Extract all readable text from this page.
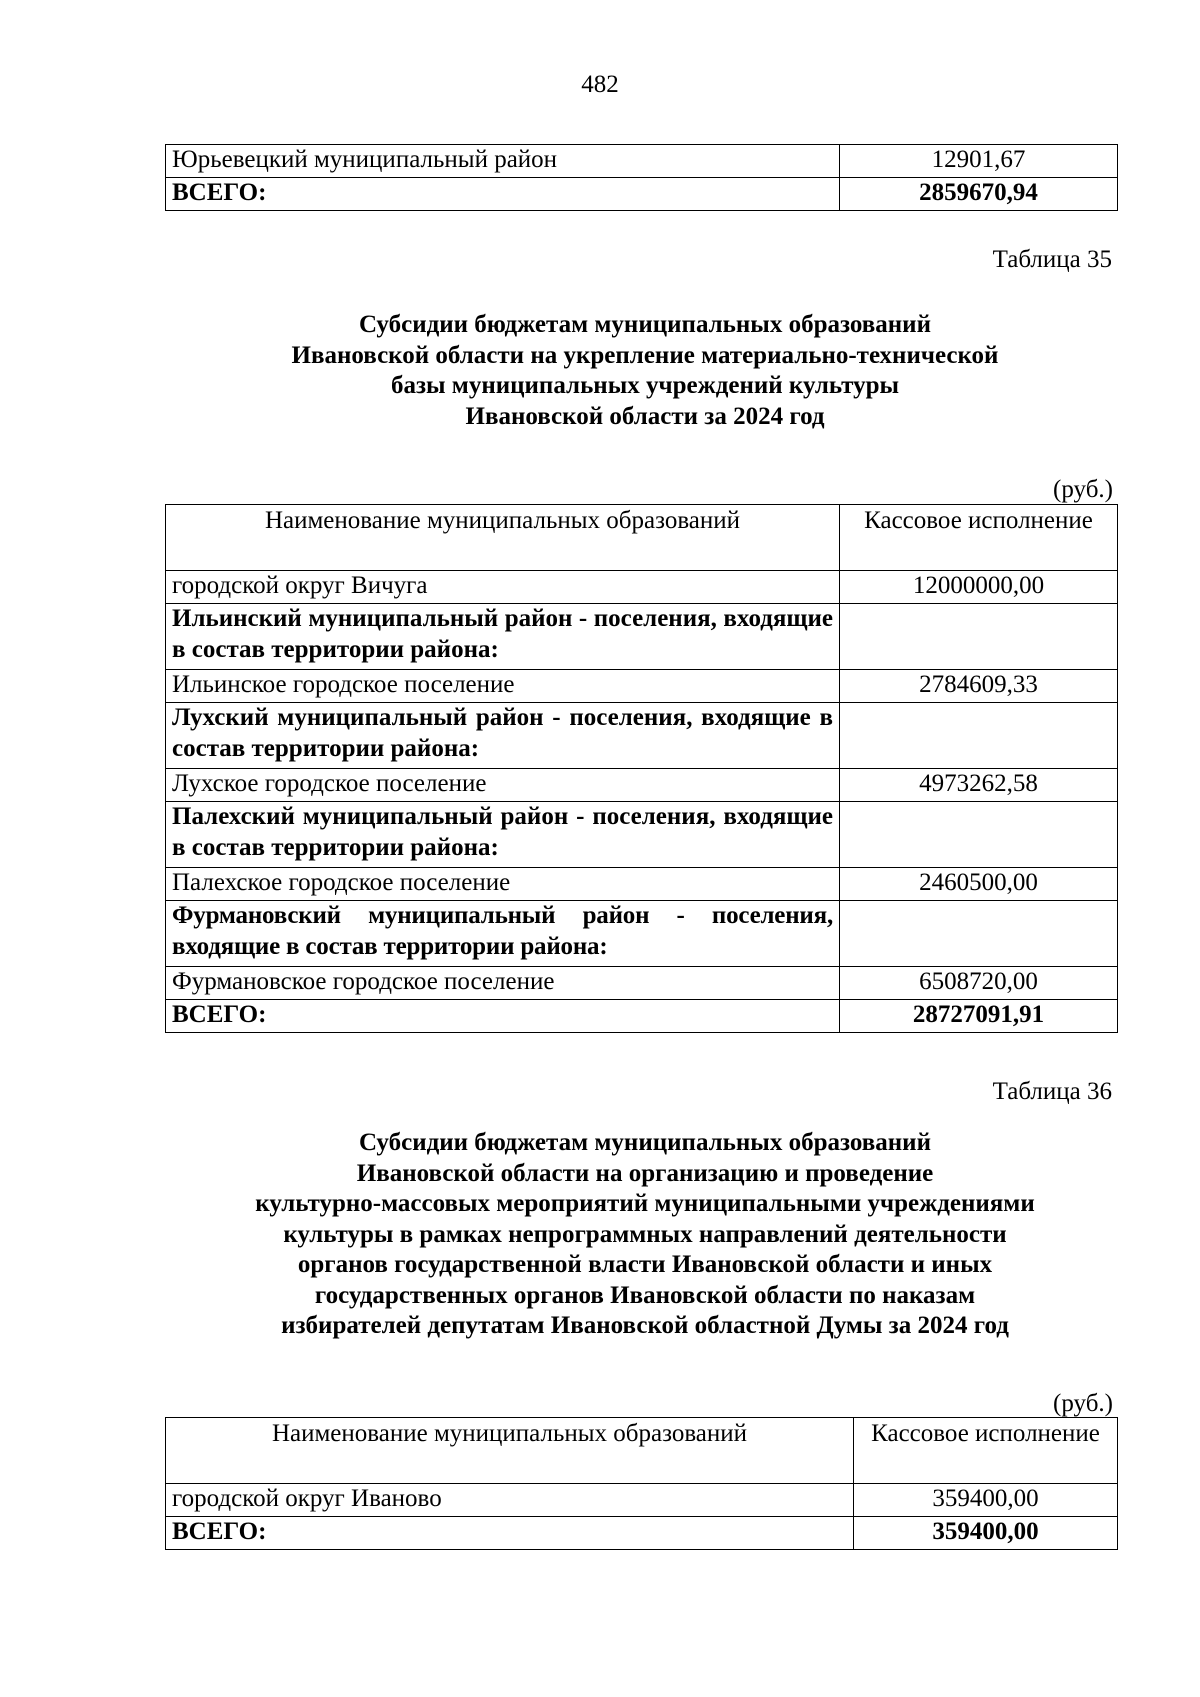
482
Юрьевецкий муниципальный район	12901,67
ВСЕГО:	2859670,94
Таблица 35
Субсидии бюджетам муниципальных образований
Ивановской области на укрепление материально-технической
базы муниципальных учреждений культуры
Ивановской области за 2024 год
(руб.)
Наименование муниципальных образований	Кассовое исполнение
городской округ Вичуга	12000000,00
Ильинский муниципальный район - поселения, входящие в состав территории района:	
Ильинское городское поселение	2784609,33
Лухский муниципальный район - поселения, входящие в состав территории района:	
Лухское городское поселение	4973262,58
Палехский муниципальный район - поселения, входящие в состав территории района:	
Палехское городское поселение	2460500,00
Фурмановский муниципальный район - поселения, входящие в состав территории района:	
Фурмановское городское поселение	6508720,00
ВСЕГО:	28727091,91
Таблица 36
Субсидии бюджетам муниципальных образований
Ивановской области на организацию и проведение
культурно-массовых мероприятий муниципальными учреждениями
культуры в рамках непрограммных направлений деятельности
органов государственной власти Ивановской области и иных
государственных органов Ивановской области по наказам
избирателей депутатам Ивановской областной Думы за 2024 год
(руб.)
Наименование муниципальных образований	Кассовое исполнение
городской округ Иваново	359400,00
ВСЕГО:	359400,00
